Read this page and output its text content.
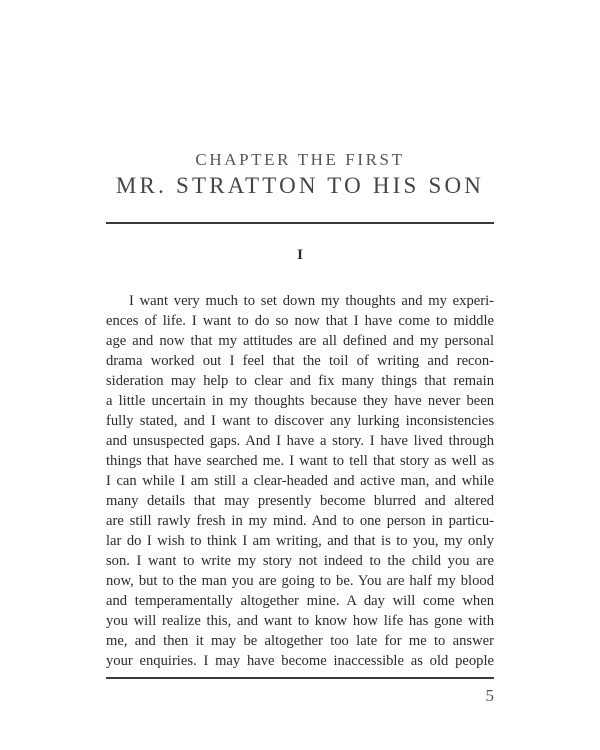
CHAPTER THE FIRST
MR. STRATTON TO HIS SON
I
I want very much to set down my thoughts and my experi-
ences of life. I want to do so now that I have come to middle
age and now that my attitudes are all defined and my personal
drama worked out I feel that the toil of writing and recon-
sideration may help to clear and fix many things that remain
a little uncertain in my thoughts because they have never been
fully stated, and I want to discover any lurking inconsistencies
and unsuspected gaps. And I have a story. I have lived through
things that have searched me. I want to tell that story as well as
I can while I am still a clear-headed and active man, and while
many details that may presently become blurred and altered
are still rawly fresh in my mind. And to one person in particu-
lar do I wish to think I am writing, and that is to you, my only
son. I want to write my story not indeed to the child you are
now, but to the man you are going to be. You are half my blood
and temperamentally altogether mine. A day will come when
you will realize this, and want to know how life has gone with
me, and then it may be altogether too late for me to answer
your enquiries. I may have become inaccessible as old people
5
